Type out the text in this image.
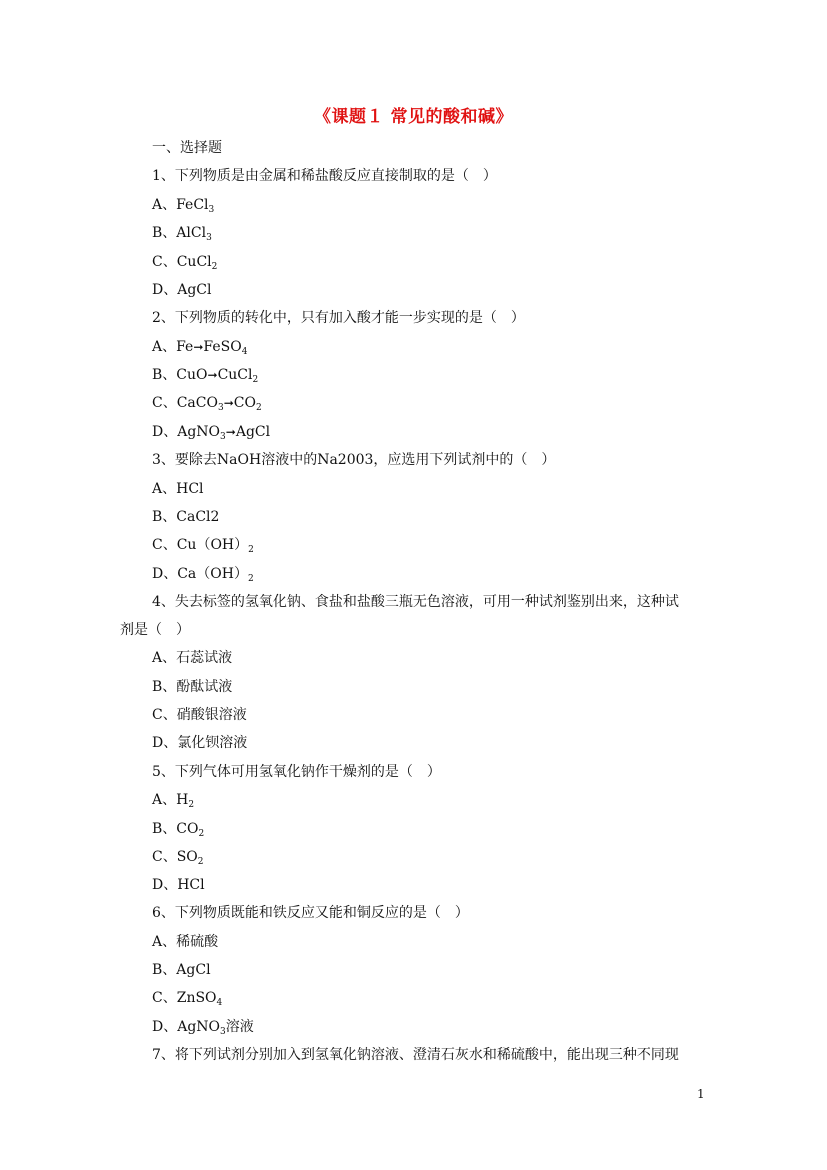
《课题１ 常见的酸和碱》
一、选择题
1、下列物质是由金属和稀盐酸反应直接制取的是（　）
A、FeCl$_3$
B、AlCl$_3$
C、CuCl$_2$
D、AgCl
2、下列物质的转化中，只有加入酸才能一步实现的是（　）
A、Fe➞FeSO$_4$
B、CuO➞CuCl$_2$
C、$CaCO_3➞CO_2$
D、AgNO$_3$➞AgCl
3、要除去NaOH溶液中的Na2003，应选用下列试剂中的（　）
A、HCl
B、CaCl2
C、$Cu(OH)_2$
D、$Ca(OH)_2$
4、失去标签的氢氧化钠、食盐和盐酸三瓶无色溶液，可用一种试剂鉴别出来，这种试
剂是（　）
A、石蕊试液
B、酚酞试液
C、硝酸银溶液
D、氯化钡溶液
5、下列气体可用氢氧化钠作干燥剂的是（　）
A、$H_2$
B、$CO_2$
C、$SO_2$
D、HCl
6、下列物质既能和铁反应又能和铜反应的是（　）
A、稀硫酸
B、AgCl
C、ZnSO$_4$
D、AgNO$_3$溶液
7、将下列试剂分别加入到氢氧化钠溶液、澄清石灰水和稀硫酸中，能出现三种不同现
1
